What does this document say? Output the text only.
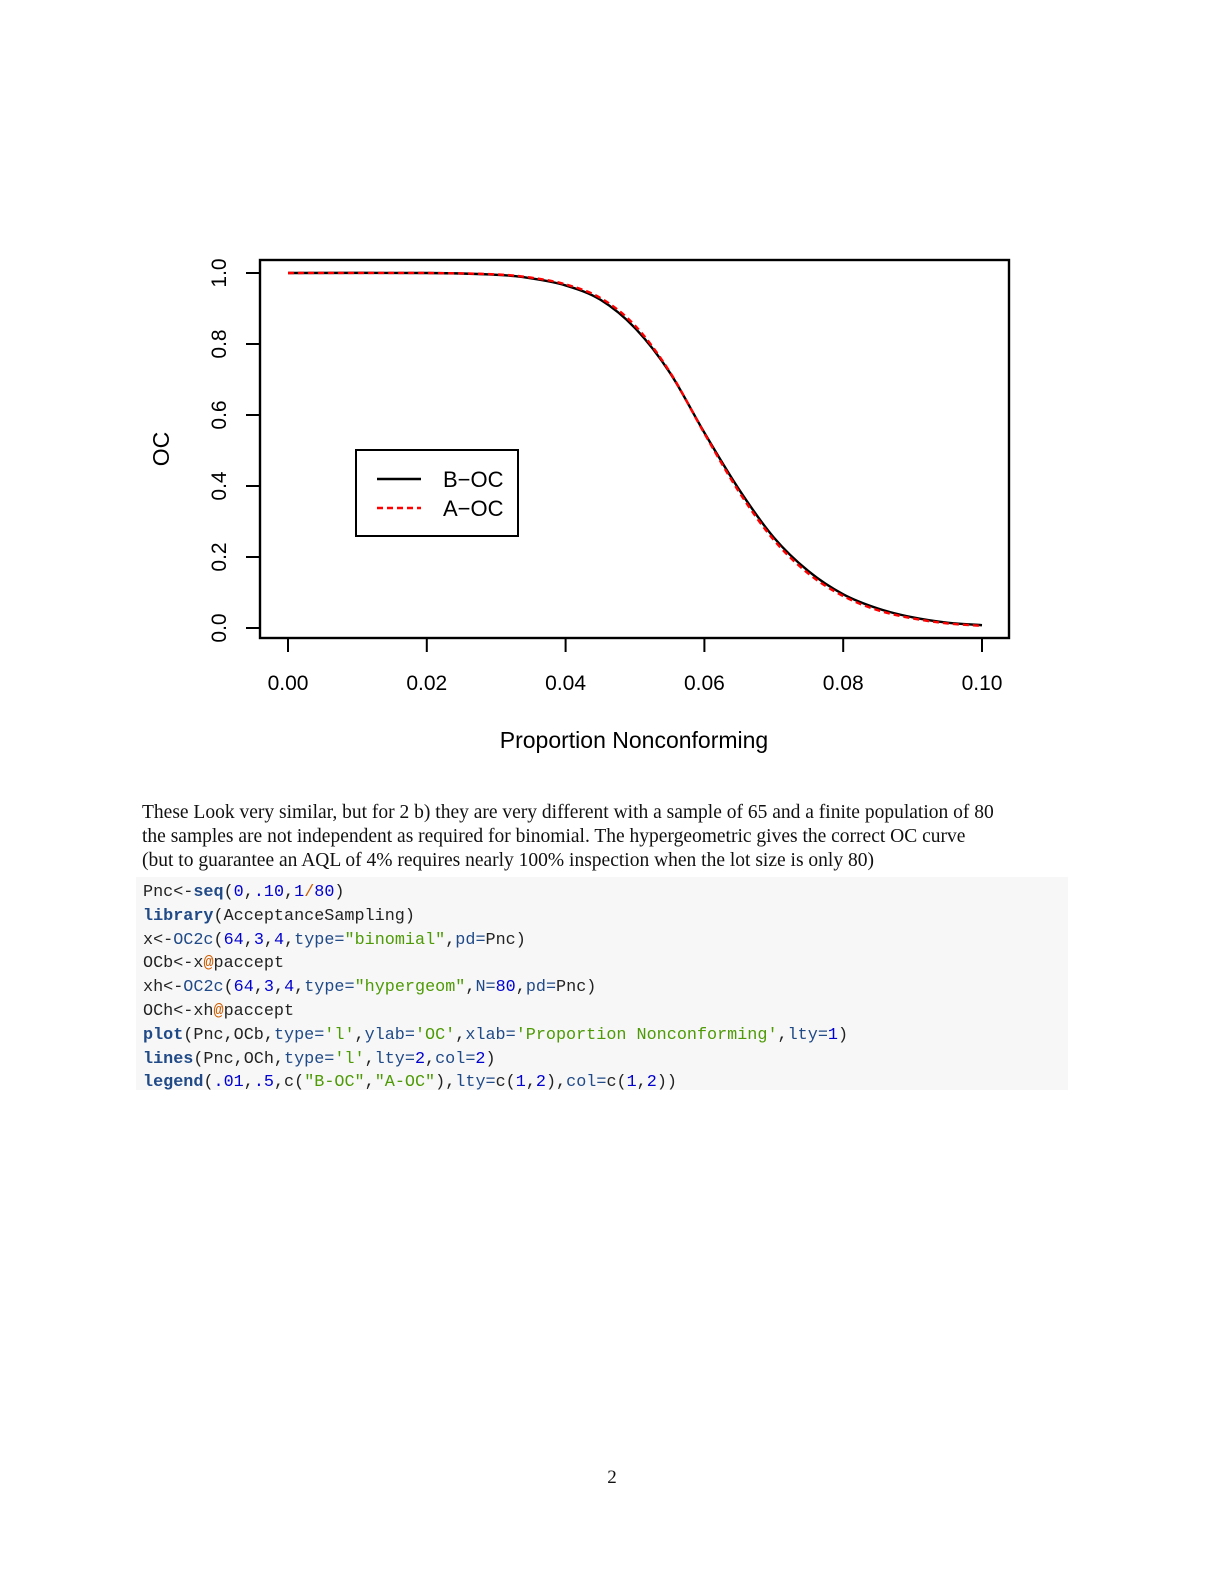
0.00	0.02	0.04	0.06	0.08	0.10
0.0
0.2
0.4
0.6
0.8
1.0
Proportion Nonconforming
OC
B−OC
A−OC
These Look very similar, but for 2 b) they are very different with a sample of 65 and a finite population of 80
the samples are not independent as required for binomial. The hypergeometric gives the correct OC curve
(but to guarantee an AQL of 4% requires nearly 100% inspection when the lot size is only 80)
Pnc<-seq(0,.10,1/80)
library(AcceptanceSampling)
x<-OC2c(64,3,4,type="binomial",pd=Pnc)
OCb<-x@paccept
xh<-OC2c(64,3,4,type="hypergeom",N=80,pd=Pnc)
OCh<-xh@paccept
plot(Pnc,OCb,type='l',ylab='OC',xlab='Proportion Nonconforming',lty=1)
lines(Pnc,OCh,type='l',lty=2,col=2)
legend(.01,.5,c("B-OC","A-OC"),lty=c(1,2),col=c(1,2))
2
